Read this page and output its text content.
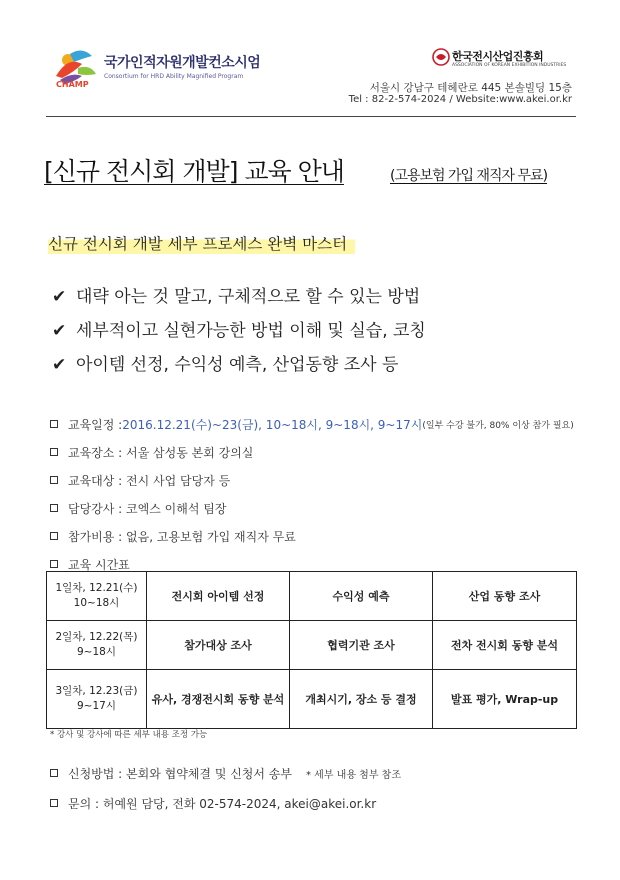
국가인적자원개발컨소시엄
CHAMP
Consortium for HRD Ability Magnified Program
한국전시산업진흥회
ASSOCIATION OF KOREAN EXHIBITION INDUSTRIES
서울시 강남구 테헤란로 445 본솔빌딩 15층
Tel : 82-2-574-2024 / Website:www.akei.or.kr
[신규 전시회 개발] 교육 안내	(고용보험 가입 재직자 무료)
신규 전시회 개발 세부 프로세스 완벽 마스터
✔ 대략 아는 것 말고, 구체적으로 할 수 있는 방법
✔ 세부적이고 실현가능한 방법 이해 및 실습, 코칭
✔ 아이템 선정, 수익성 예측, 산업동향 조사 등
교육일정 : 2016.12.21(수)~23(금), 10~18시, 9~18시, 9~17시 (일부 수강 불가, 80% 이상 참가 필요)
교육장소 : 서울 삼성동 본회 강의실
교육대상 : 전시 사업 담당자 등
담당강사 : 코엑스 이해석 팀장
참가비용 : 없음, 고용보험 가입 재직자 무료
교육 시간표
1일차, 12.21(수)
10~18시	전시회 아이템 선정	수익성 예측	산업 동향 조사
2일차, 12.22(목)
9~18시	참가대상 조사	협력기관 조사	전차 전시회 동향 분석
3일차, 12.23(금)
9~17시	유사, 경쟁전시회 동향 분석	개최시기, 장소 등 결정	발표 평가, Wrap-up
* 강사 및 강사에 따른 세부 내용 조정 가능
신청방법 : 본회와 협약체결 및 신청서 송부 * 세부 내용 첨부 참조
문의 : 허예원 담당, 전화 02-574-2024, akei@akei.or.kr
